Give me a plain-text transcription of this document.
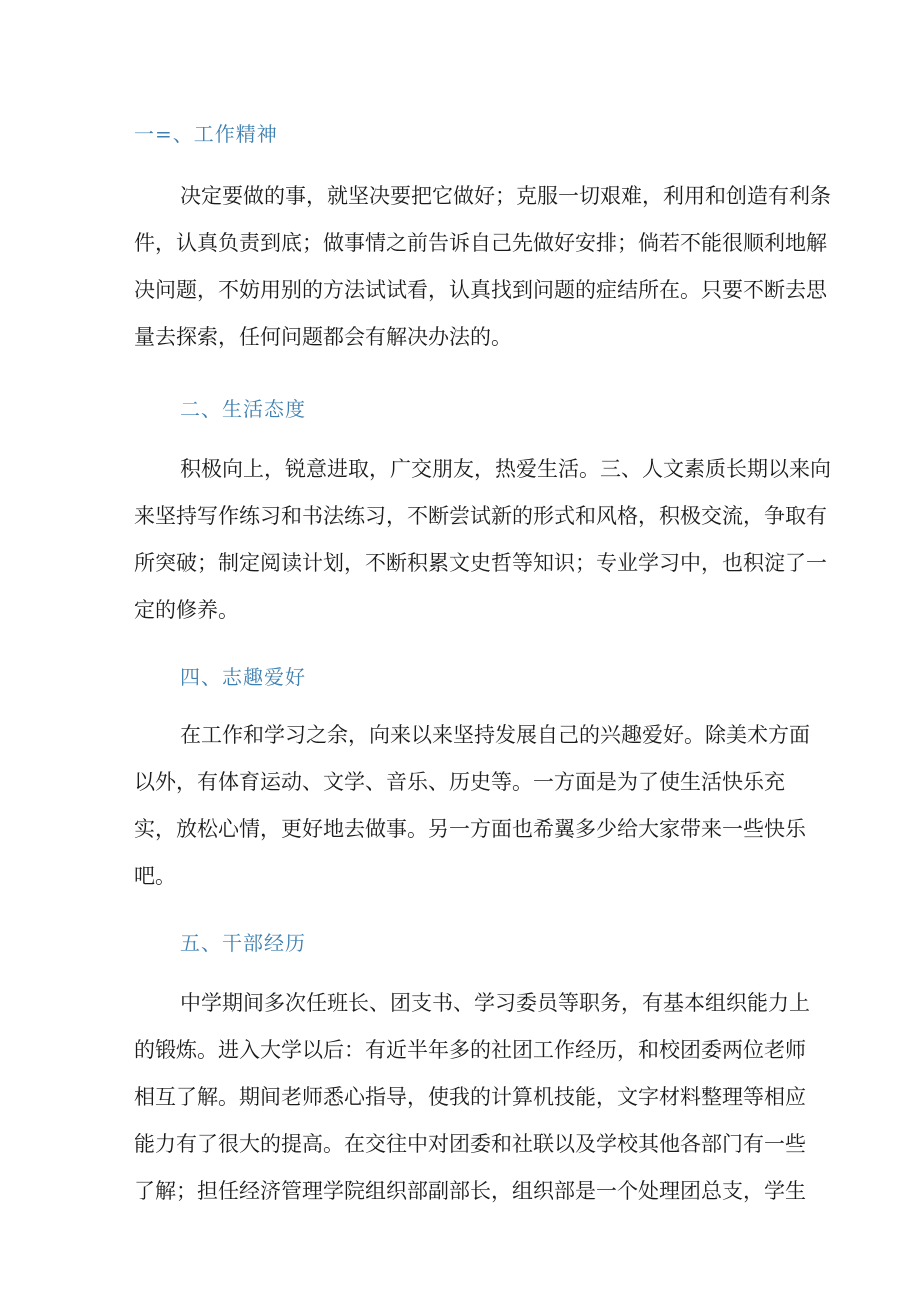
一=、工作精神
决定要做的事，就坚决要把它做好；克服一切艰难，利用和创造有利条
件，认真负责到底；做事情之前告诉自己先做好安排；倘若不能很顺利地解
决问题，不妨用别的方法试试看，认真找到问题的症结所在。只要不断去思
量去探索，任何问题都会有解决办法的。
二、生活态度
积极向上，锐意进取，广交朋友，热爱生活。三、人文素质长期以来向
来坚持写作练习和书法练习，不断尝试新的形式和风格，积极交流，争取有
所突破；制定阅读计划，不断积累文史哲等知识；专业学习中，也积淀了一
定的修养。
四、志趣爱好
在工作和学习之余，向来以来坚持发展自己的兴趣爱好。除美术方面
以外，有体育运动、文学、音乐、历史等。一方面是为了使生活快乐充
实，放松心情，更好地去做事。另一方面也希翼多少给大家带来一些快乐
吧。
五、干部经历
中学期间多次任班长、团支书、学习委员等职务，有基本组织能力上
的锻炼。进入大学以后：有近半年多的社团工作经历，和校团委两位老师
相互了解。期间老师悉心指导，使我的计算机技能，文字材料整理等相应
能力有了很大的提高。在交往中对团委和社联以及学校其他各部门有一些
了解；担任经济管理学院组织部副部长，组织部是一个处理团总支，学生
